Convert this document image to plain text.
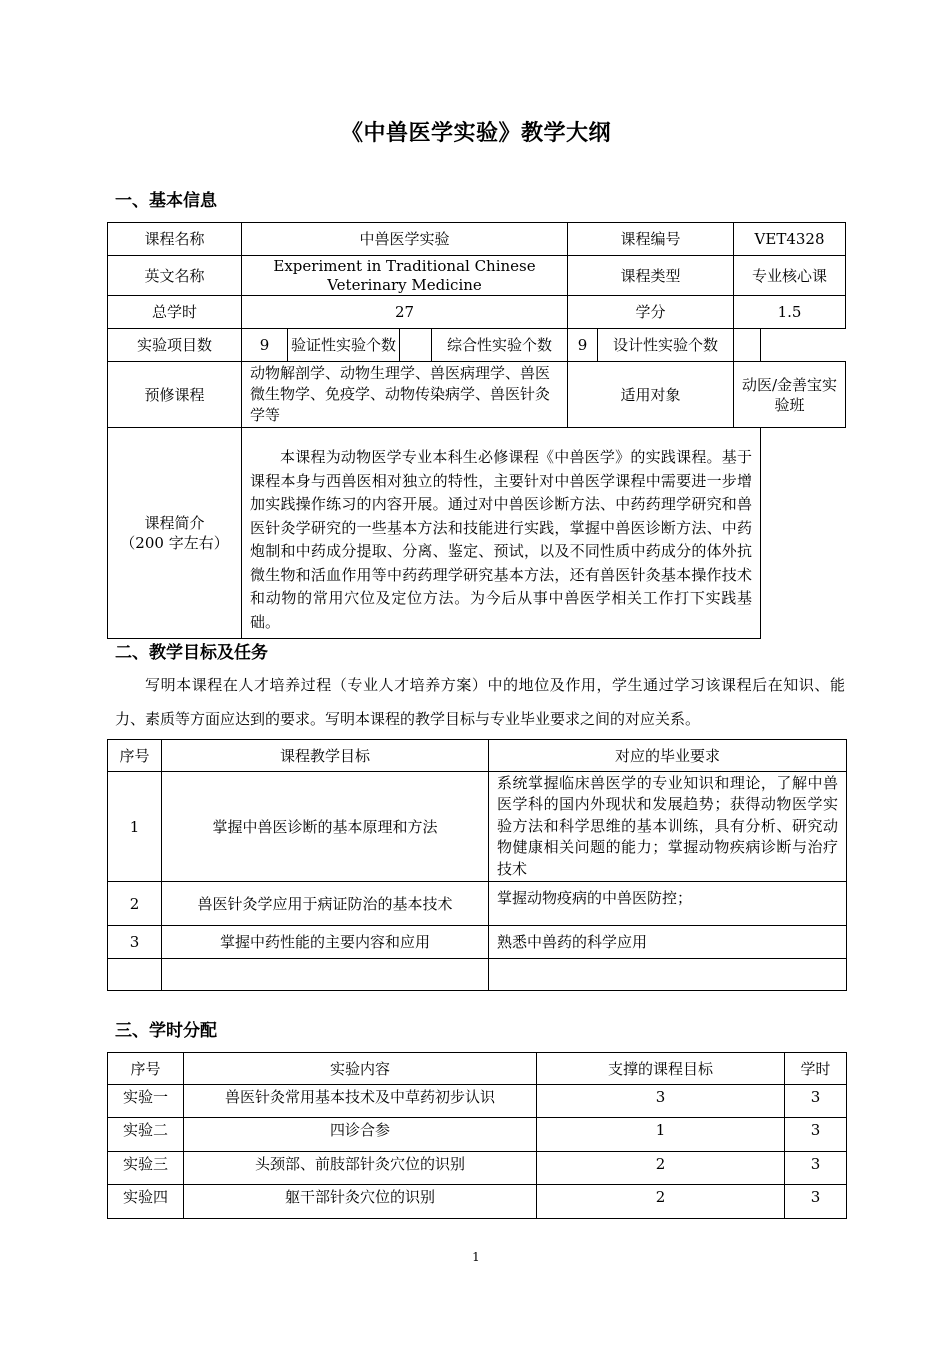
《中兽医学实验》教学大纲
一、基本信息
课程名称	中兽医学实验				课程编号		VET4328
英文名称	Experiment in Traditional Chinese Veterinary Medicine				课程类型		专业核心课
总学时	27				学分		1.5
实验项目数	9	验证性实验个数		综合性实验个数	9	设计性实验个数	
预修课程	动物解剖学、动物生理学、兽医病理学、兽医微生物学、免疫学、动物传染病学、兽医针灸学等				适用对象		动医/金善宝实验班

课程简介
（200 字左右）	本课程为动物医学专业本科生必修课程《中兽医学》的实践课程。基于课程本身与西兽医相对独立的特性，主要针对中兽医学课程中需要进一步增加实践操作练习的内容开展。通过对中兽医诊断方法、中药药理学研究和兽医针灸学研究的一些基本方法和技能进行实践，掌握中兽医诊断方法、中药炮制和中药成分提取、分离、鉴定、预试，以及不同性质中药成分的体外抗微生物和活血作用等中药药理学研究基本方法，还有兽医针灸基本操作技术和动物的常用穴位及定位方法。为今后从事中兽医学相关工作打下实践基础。						
二、教学目标及任务
写明本课程在人才培养过程（专业人才培养方案）中的地位及作用，学生通过学习该课程后在知识、能力、素质等方面应达到的要求。写明本课程的教学目标与专业毕业要求之间的对应关系。
序号	课程教学目标	对应的毕业要求
1	掌握中兽医诊断的基本原理和方法	系统掌握临床兽医学的专业知识和理论，了解中兽医学科的国内外现状和发展趋势；获得动物医学实验方法和科学思维的基本训练，具有分析、研究动物健康相关问题的能力；掌握动物疾病诊断与治疗技术
2	兽医针灸学应用于病证防治的基本技术	掌握动物疫病的中兽医防控；
3	掌握中药性能的主要内容和应用	熟悉中兽药的科学应用

三、学时分配
序号	实验内容	支撑的课程目标	学时
实验一	兽医针灸常用基本技术及中草药初步认识	3	3
实验二	四诊合参	1	3
实验三	头颈部、前肢部针灸穴位的识别	2	3
实验四	躯干部针灸穴位的识别	2	3
1
